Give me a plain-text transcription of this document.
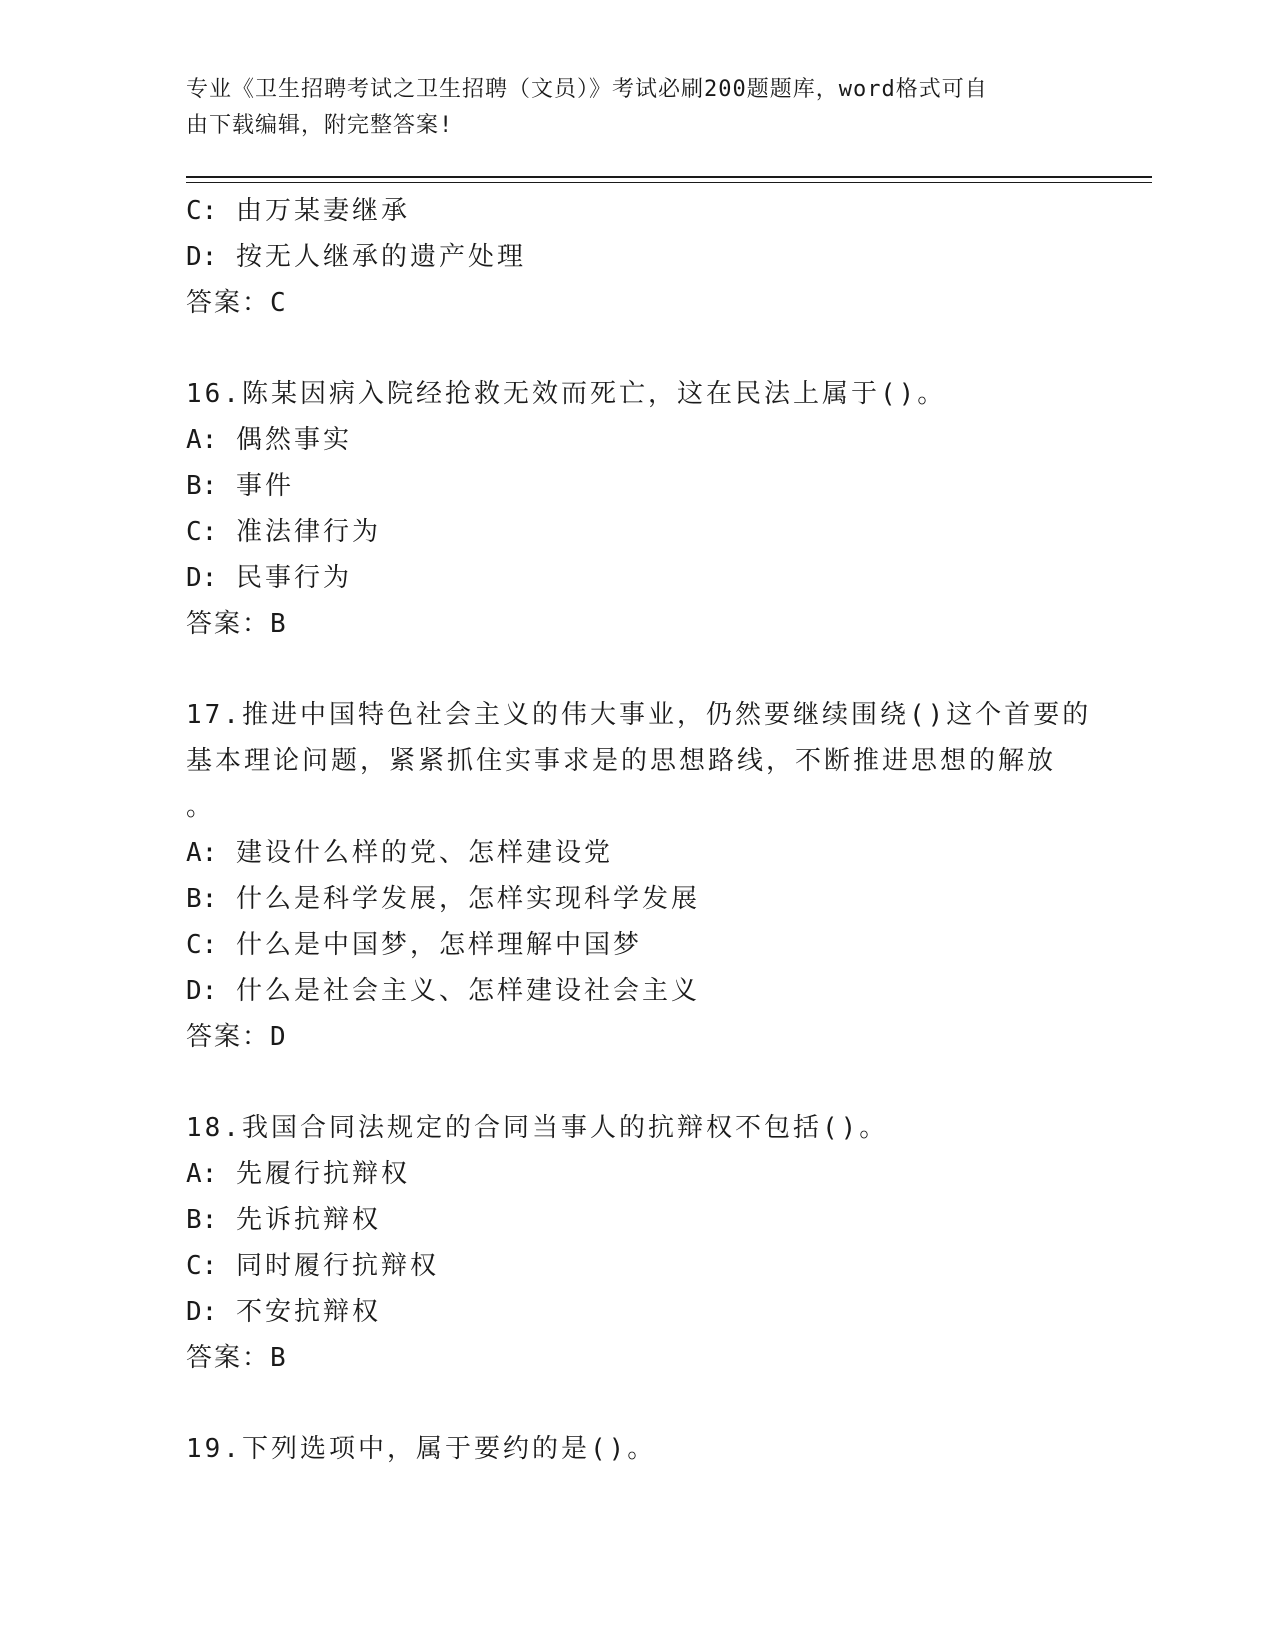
专业《卫生招聘考试之卫生招聘（文员）》考试必刷200题题库，word格式可自
由下载编辑，附完整答案!
C: 由万某妻继承
D: 按无人继承的遗产处理
答案：C
16.陈某因病入院经抢救无效而死亡，这在民法上属于()。
A: 偶然事实
B: 事件
C: 准法律行为
D: 民事行为
答案：B
17.推进中国特色社会主义的伟大事业，仍然要继续围绕()这个首要的
基本理论问题，紧紧抓住实事求是的思想路线，不断推进思想的解放
。
A: 建设什么样的党、怎样建设党
B: 什么是科学发展，怎样实现科学发展
C: 什么是中国梦，怎样理解中国梦
D: 什么是社会主义、怎样建设社会主义
答案：D
18.我国合同法规定的合同当事人的抗辩权不包括()。
A: 先履行抗辩权
B: 先诉抗辩权
C: 同时履行抗辩权
D: 不安抗辩权
答案：B
19.下列选项中，属于要约的是()。
